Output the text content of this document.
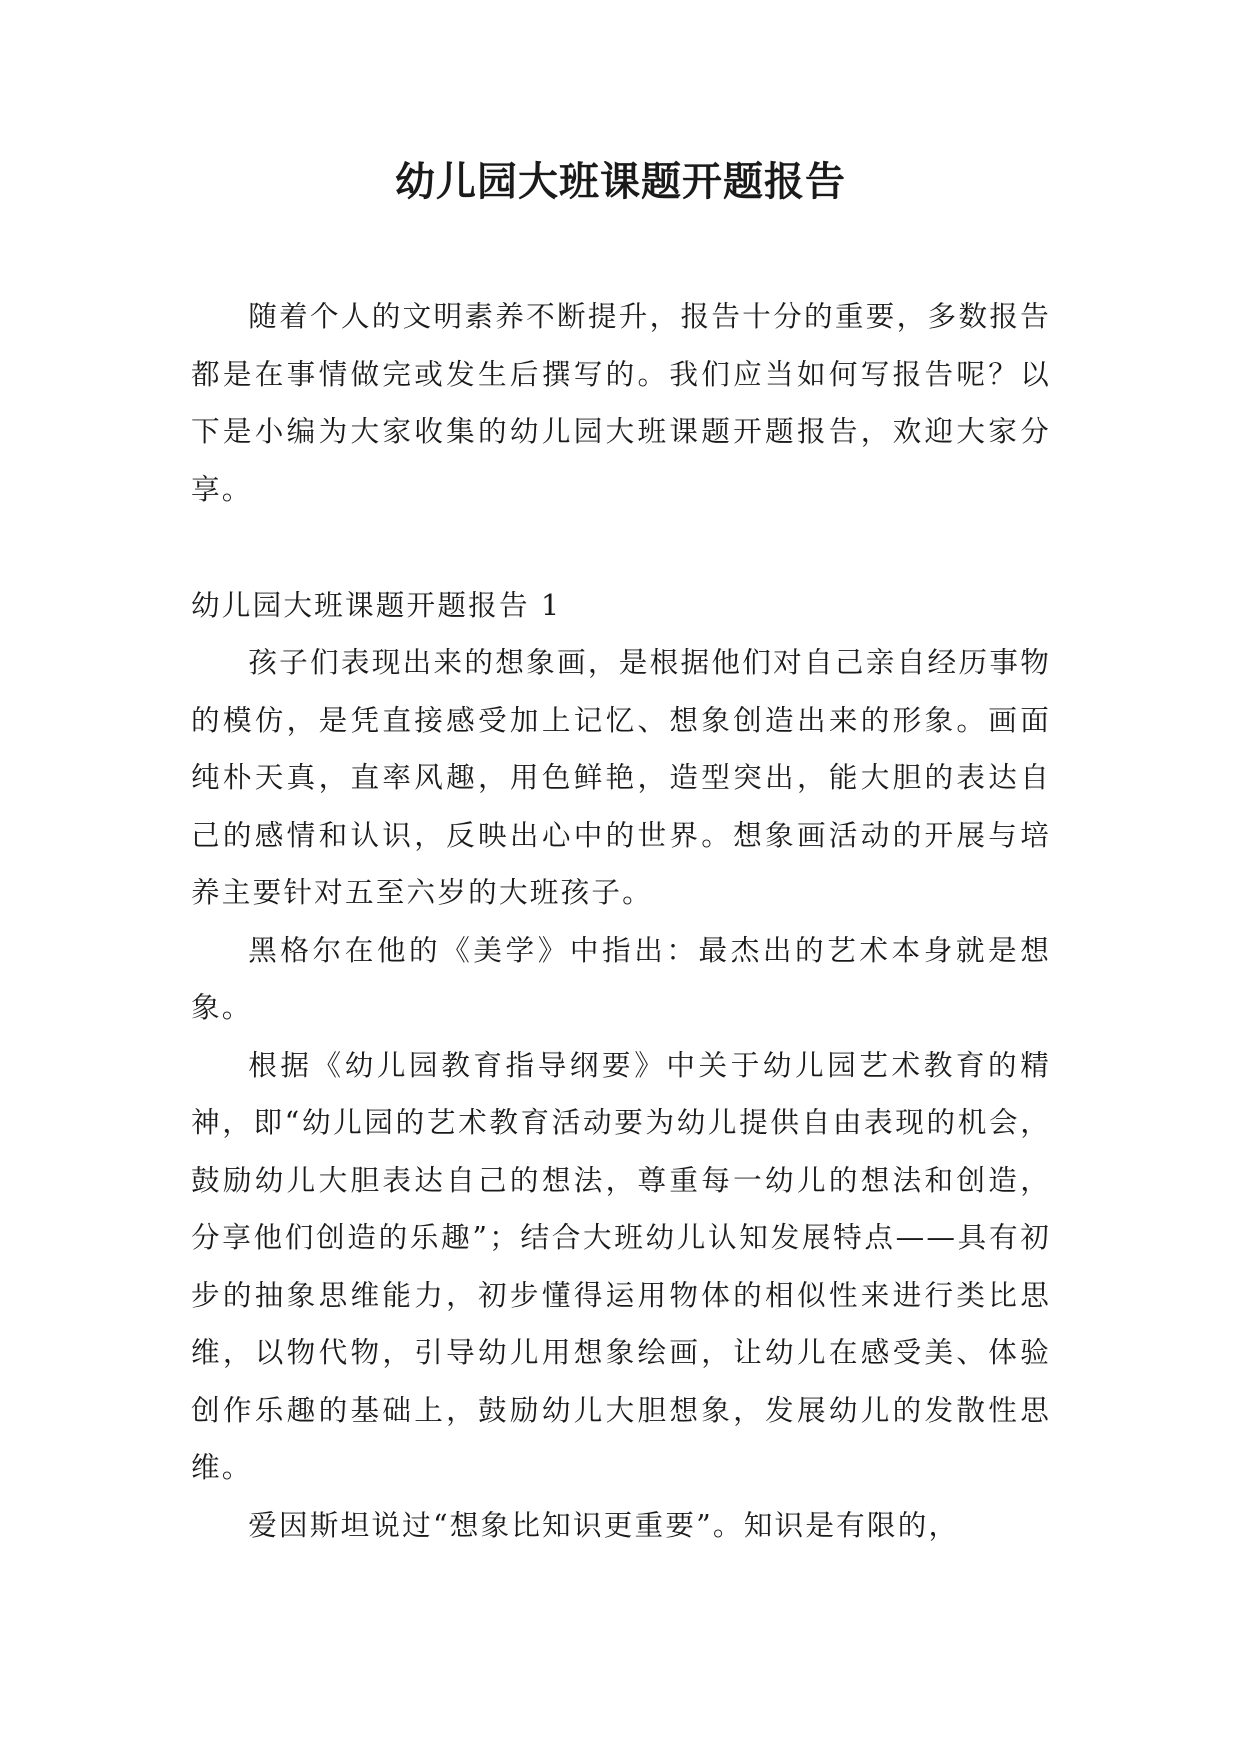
幼儿园大班课题开题报告

随着个人的文明素养不断提升，报告十分的重要，多数报告都是在事情做完或发生后撰写的。我们应当如何写报告呢？以下是小编为大家收集的幼儿园大班课题开题报告，欢迎大家分享。

幼儿园大班课题开题报告 1

孩子们表现出来的想象画，是根据他们对自己亲自经历事物的模仿，是凭直接感受加上记忆、想象创造出来的形象。画面纯朴天真，直率风趣，用色鲜艳，造型突出，能大胆的表达自己的感情和认识，反映出心中的世界。想象画活动的开展与培养主要针对五至六岁的大班孩子。

黑格尔在他的《美学》中指出：最杰出的艺术本身就是想象。

根据《幼儿园教育指导纲要》中关于幼儿园艺术教育的精神，即“幼儿园的艺术教育活动要为幼儿提供自由表现的机会，鼓励幼儿大胆表达自己的想法，尊重每一幼儿的想法和创造，分享他们创造的乐趣”；结合大班幼儿认知发展特点——具有初步的抽象思维能力，初步懂得运用物体的相似性来进行类比思维，以物代物，引导幼儿用想象绘画，让幼儿在感受美、体验创作乐趣的基础上，鼓励幼儿大胆想象，发展幼儿的发散性思维。

爱因斯坦说过“想象比知识更重要”。知识是有限的，
